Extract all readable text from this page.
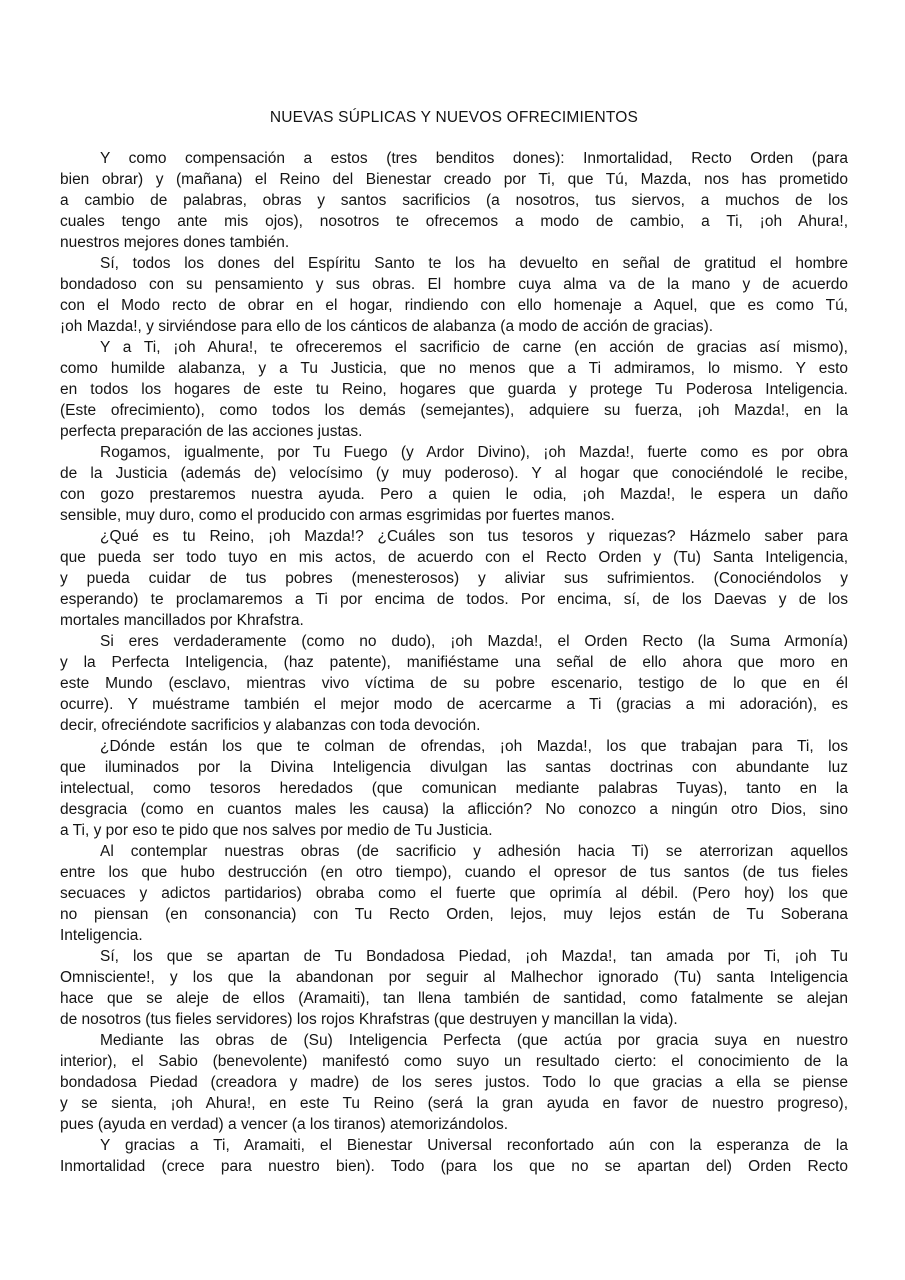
NUEVAS SÚPLICAS Y NUEVOS OFRECIMIENTOS
Y como compensación a estos (tres benditos dones): Inmortalidad, Recto Orden (para
bien obrar) y (mañana) el Reino del Bienestar creado por Ti, que Tú, Mazda, nos has prometido
a cambio de palabras, obras y santos sacrificios (a nosotros, tus siervos, a muchos de los
cuales tengo ante mis ojos), nosotros te ofrecemos a modo de cambio, a Ti, ¡oh Ahura!,
nuestros mejores dones también.
Sí, todos los dones del Espíritu Santo te los ha devuelto en señal de gratitud el hombre
bondadoso con su pensamiento y sus obras. El hombre cuya alma va de la mano y de acuerdo
con el Modo recto de obrar en el hogar, rindiendo con ello homenaje a Aquel, que es como Tú,
¡oh Mazda!, y sirviéndose para ello de los cánticos de alabanza (a modo de acción de gracias).
Y a Ti, ¡oh Ahura!, te ofreceremos el sacrificio de carne (en acción de gracias así mismo),
como humilde alabanza, y a Tu Justicia, que no menos que a Ti admiramos, lo mismo. Y esto
en todos los hogares de este tu Reino, hogares que guarda y protege Tu Poderosa Inteligencia.
(Este ofrecimiento), como todos los demás (semejantes), adquiere su fuerza, ¡oh Mazda!, en la
perfecta preparación de las acciones justas.
Rogamos, igualmente, por Tu Fuego (y Ardor Divino), ¡oh Mazda!, fuerte como es por obra
de la Justicia (además de) velocísimo (y muy poderoso). Y al hogar que conociéndolé le recibe,
con gozo prestaremos nuestra ayuda. Pero a quien le odia, ¡oh Mazda!, le espera un daño
sensible, muy duro, como el producido con armas esgrimidas por fuertes manos.
¿Qué es tu Reino, ¡oh Mazda!? ¿Cuáles son tus tesoros y riquezas? Házmelo saber para
que pueda ser todo tuyo en mis actos, de acuerdo con el Recto Orden y (Tu) Santa Inteligencia,
y pueda cuidar de tus pobres (menesterosos) y aliviar sus sufrimientos. (Conociéndolos y
esperando) te proclamaremos a Ti por encima de todos. Por encima, sí, de los Daevas y de los
mortales mancillados por Khrafstra.
Si eres verdaderamente (como no dudo), ¡oh Mazda!, el Orden Recto (la Suma Armonía)
y la Perfecta Inteligencia, (haz patente), manifiéstame una señal de ello ahora que moro en
este Mundo (esclavo, mientras vivo víctima de su pobre escenario, testigo de lo que en él
ocurre). Y muéstrame también el mejor modo de acercarme a Ti (gracias a mi adoración), es
decir, ofreciéndote sacrificios y alabanzas con toda devoción.
¿Dónde están los que te colman de ofrendas, ¡oh Mazda!, los que trabajan para Ti, los
que iluminados por la Divina Inteligencia divulgan las santas doctrinas con abundante luz
intelectual, como tesoros heredados (que comunican mediante palabras Tuyas), tanto en la
desgracia (como en cuantos males les causa) la aflicción? No conozco a ningún otro Dios, sino
a Ti, y por eso te pido que nos salves por medio de Tu Justicia.
Al contemplar nuestras obras (de sacrificio y adhesión hacia Ti) se aterrorizan aquellos
entre los que hubo destrucción (en otro tiempo), cuando el opresor de tus santos (de tus fieles
secuaces y adictos partidarios) obraba como el fuerte que oprimía al débil. (Pero hoy) los que
no piensan (en consonancia) con Tu Recto Orden, lejos, muy lejos están de Tu Soberana
Inteligencia.
Sí, los que se apartan de Tu Bondadosa Piedad, ¡oh Mazda!, tan amada por Ti, ¡oh Tu
Omnisciente!, y los que la abandonan por seguir al Malhechor ignorado (Tu) santa Inteligencia
hace que se aleje de ellos (Aramaiti), tan llena también de santidad, como fatalmente se alejan
de nosotros (tus fieles servidores) los rojos Khrafstras (que destruyen y mancillan la vida).
Mediante las obras de (Su) Inteligencia Perfecta (que actúa por gracia suya en nuestro
interior), el Sabio (benevolente) manifestó como suyo un resultado cierto: el conocimiento de la
bondadosa Piedad (creadora y madre) de los seres justos. Todo lo que gracias a ella se piense
y se sienta, ¡oh Ahura!, en este Tu Reino (será la gran ayuda en favor de nuestro progreso),
pues (ayuda en verdad) a vencer (a los tiranos) atemorizándolos.
Y gracias a Ti, Aramaiti, el Bienestar Universal reconfortado aún con la esperanza de la
Inmortalidad (crece para nuestro bien). Todo (para los que no se apartan del) Orden Recto
